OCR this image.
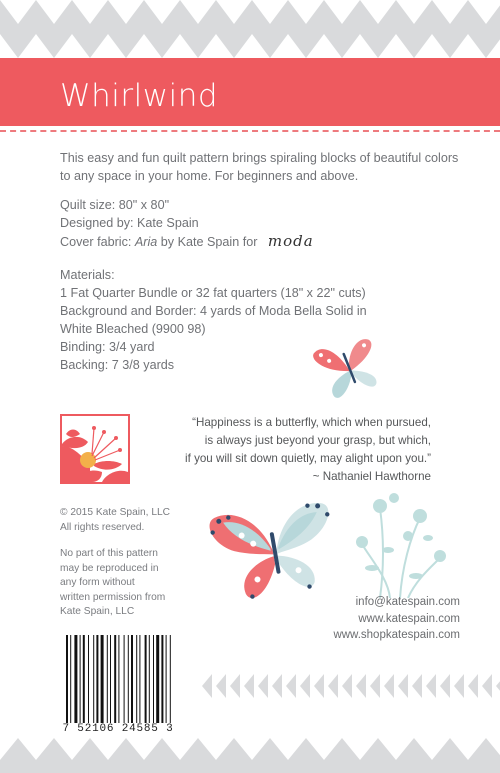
Whirlwind
This easy and fun quilt pattern brings spiraling blocks of beautiful colors to any space in your home. For beginners and above.
Quilt size: 80" x 80"
Designed by: Kate Spain
Cover fabric: Aria by Kate Spain for moda
Materials:
1 Fat Quarter Bundle or 32 fat quarters (18" x 22" cuts)
Background and Border: 4 yards of Moda Bella Solid in
White Bleached (9900 98)
Binding: 3/4 yard
Backing: 7 3/8 yards
“Happiness is a butterfly, which when pursued,
is always just beyond your grasp, but which,
if you will sit down quietly, may alight upon you.”
~ Nathaniel Hawthorne
© 2015 Kate Spain, LLC
All rights reserved.
No part of this pattern
may be reproduced in
any form without
written permission from
Kate Spain, LLC
info@katespain.com
www.katespain.com
www.shopkatespain.com
7 52106 24585 3
